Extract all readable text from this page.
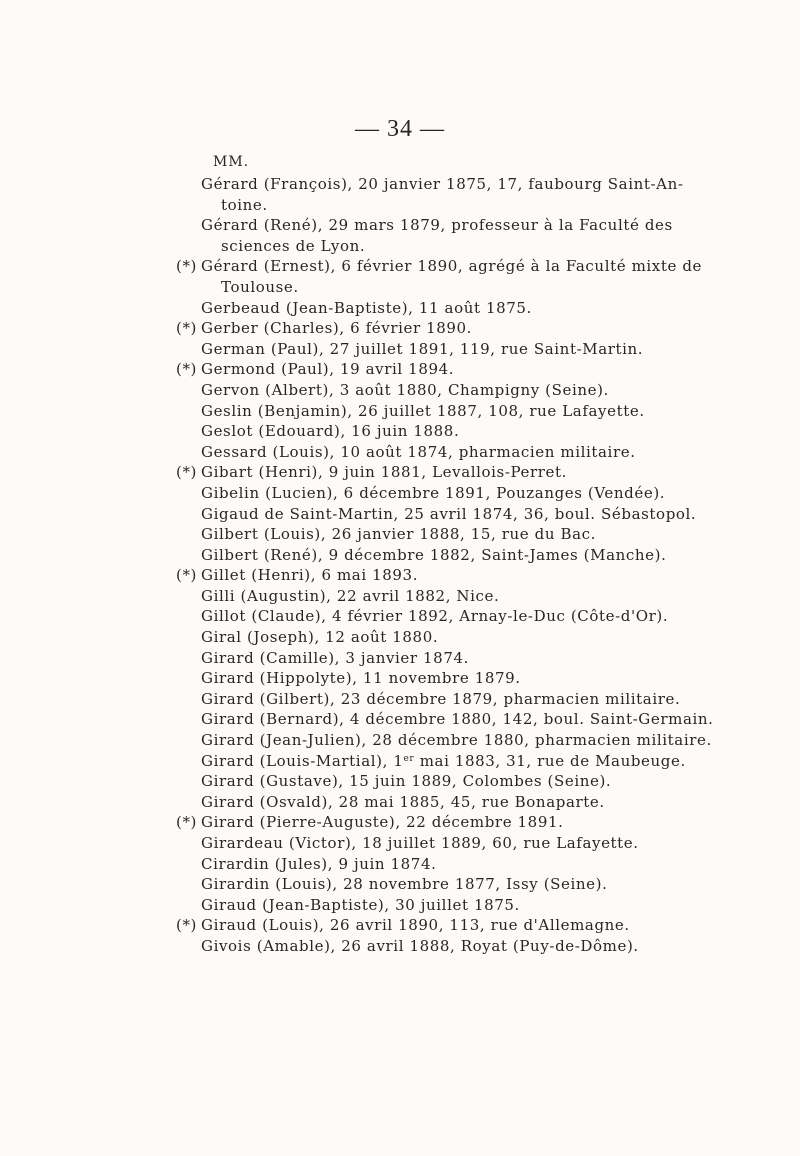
— 34 —
MM.
Gérard (François), 20 janvier 1875, 17, faubourg Saint-An-
toine.
Gérard (René), 29 mars 1879, professeur à la Faculté des
sciences de Lyon.
(*) Gérard (Ernest), 6 février 1890, agrégé à la Faculté mixte de
Toulouse.
Gerbeaud (Jean-Baptiste), 11 août 1875.
(*) Gerber (Charles), 6 février 1890.
German (Paul), 27 juillet 1891, 119, rue Saint-Martin.
(*) Germond (Paul), 19 avril 1894.
Gervon (Albert), 3 août 1880, Champigny (Seine).
Geslin (Benjamin), 26 juillet 1887, 108, rue Lafayette.
Geslot (Edouard), 16 juin 1888.
Gessard (Louis), 10 août 1874, pharmacien militaire.
(*) Gibart (Henri), 9 juin 1881, Levallois-Perret.
Gibelin (Lucien), 6 décembre 1891, Pouzanges (Vendée).
Gigaud de Saint-Martin, 25 avril 1874, 36, boul. Sébastopol.
Gilbert (Louis), 26 janvier 1888, 15, rue du Bac.
Gilbert (René), 9 décembre 1882, Saint-James (Manche).
(*) Gillet (Henri), 6 mai 1893.
Gilli (Augustin), 22 avril 1882, Nice.
Gillot (Claude), 4 février 1892, Arnay-le-Duc (Côte-d'Or).
Giral (Joseph), 12 août 1880.
Girard (Camille), 3 janvier 1874.
Girard (Hippolyte), 11 novembre 1879.
Girard (Gilbert), 23 décembre 1879, pharmacien militaire.
Girard (Bernard), 4 décembre 1880, 142, boul. Saint-Germain.
Girard (Jean-Julien), 28 décembre 1880, pharmacien militaire.
Girard (Louis-Martial), 1er mai 1883, 31, rue de Maubeuge.
Girard (Gustave), 15 juin 1889, Colombes (Seine).
Girard (Osvald), 28 mai 1885, 45, rue Bonaparte.
(*) Girard (Pierre-Auguste), 22 décembre 1891.
Girardeau (Victor), 18 juillet 1889, 60, rue Lafayette.
Cirardin (Jules), 9 juin 1874.
Girardin (Louis), 28 novembre 1877, Issy (Seine).
Giraud (Jean-Baptiste), 30 juillet 1875.
(*) Giraud (Louis), 26 avril 1890, 113, rue d'Allemagne.
Givois (Amable), 26 avril 1888, Royat (Puy-de-Dôme).
